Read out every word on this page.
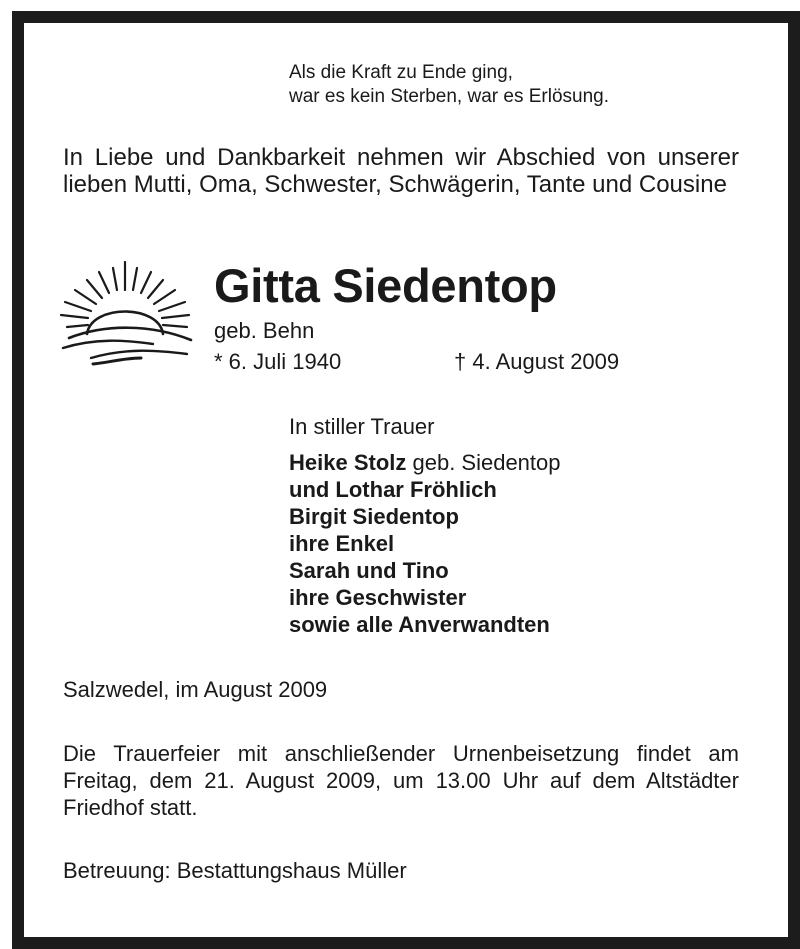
Als die Kraft zu Ende ging,
war es kein Sterben, war es Erlösung.
In Liebe und Dankbarkeit nehmen wir Abschied von unserer lieben Mutti, Oma, Schwester, Schwägerin, Tante und Cousine
Gitta Siedentop
geb. Behn
* 6. Juli 1940	† 4. August 2009
In stiller Trauer
Heike Stolz geb. Siedentop
und Lothar Fröhlich
Birgit Siedentop
ihre Enkel
Sarah und Tino
ihre Geschwister
sowie alle Anverwandten
Salzwedel, im August 2009
Die Trauerfeier mit anschließender Urnenbeisetzung findet am Freitag, dem 21. August 2009, um 13.00 Uhr auf dem Altstädter Friedhof statt.
Betreuung: Bestattungshaus Müller
